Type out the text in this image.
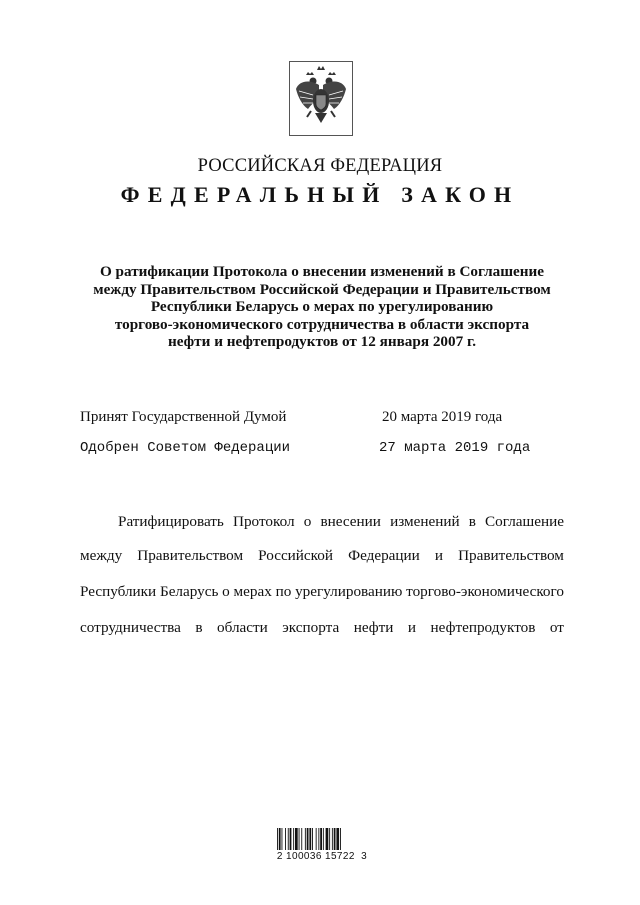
РОССИЙСКАЯ ФЕДЕРАЦИЯ
ФЕДЕРАЛЬНЫЙ ЗАКОН
О ратификации Протокола о внесении изменений в Соглашение
между Правительством Российской Федерации и Правительством
Республики Беларусь о мерах по урегулированию
торгово-экономического сотрудничества в области экспорта
нефти и нефтепродуктов от 12 января 2007 г.
Принят Государственной Думой	20 марта 2019 года
Одобрен Советом Федерации	27 марта 2019 года
Ратифицировать Протокол о внесении изменений в Соглашение
между Правительством Российской Федерации и Правительством
Республики Беларусь о мерах по урегулированию торгово-экономического
сотрудничества в области экспорта нефти и нефтепродуктов от
2 100036 15722  3
